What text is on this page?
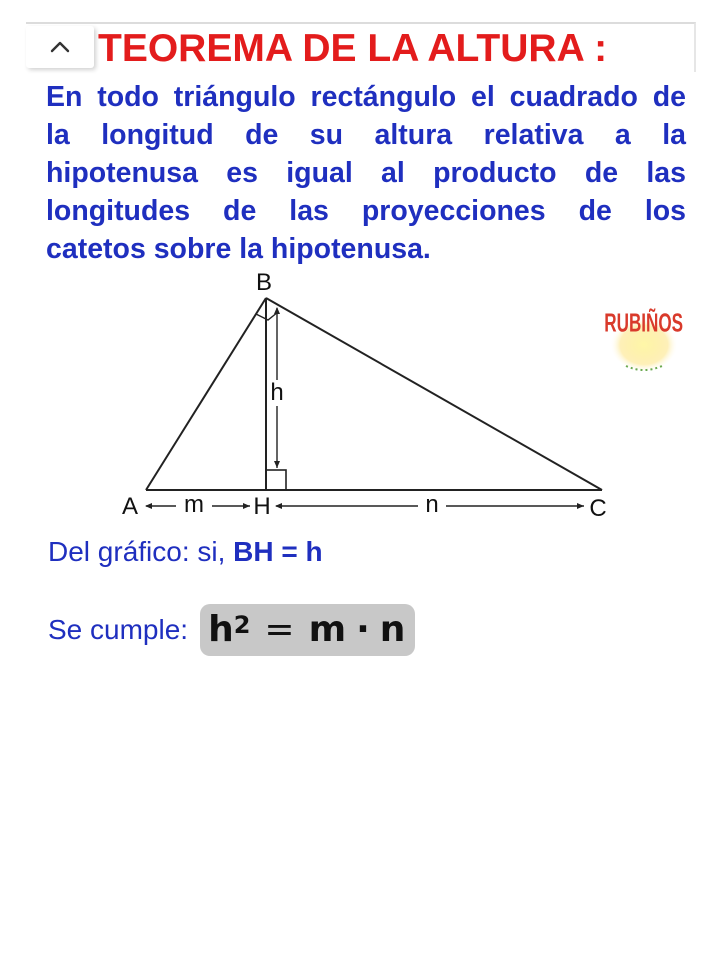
TEOREMA DE LA ALTURA :
En todo triángulo rectángulo el cuadrado de
la longitud de su altura relativa a la
hipotenusa es igual al producto de las
longitudes de las proyecciones de los
catetos sobre la hipotenusa.
h
B
A	H	C
m	n
RUBIÑOS
Del gráfico: si, BH = h
Se cumple: $h^2 = m \cdot n$
